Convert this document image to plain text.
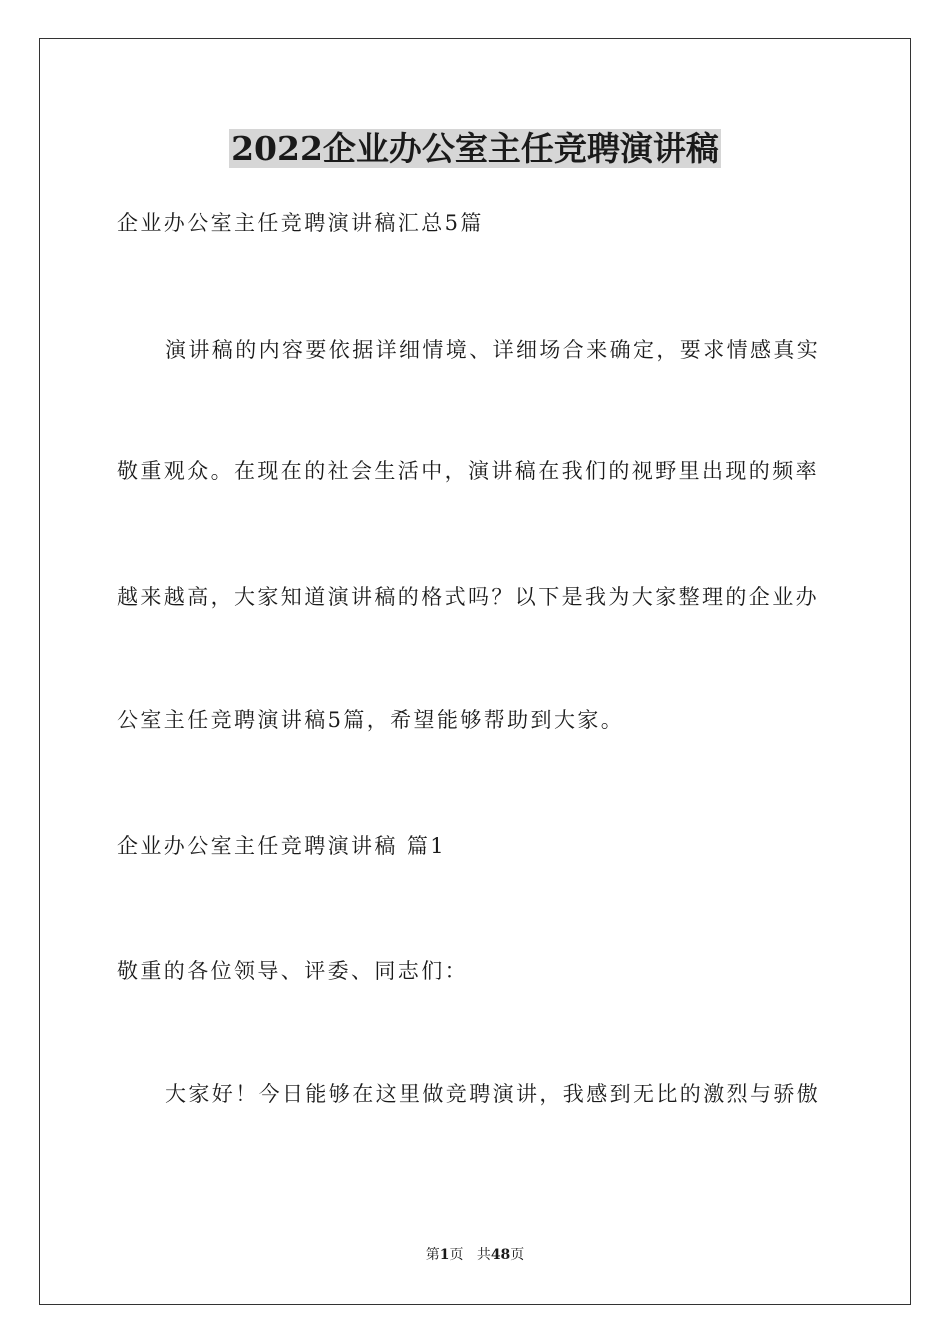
2022企业办公室主任竞聘演讲稿
企业办公室主任竞聘演讲稿汇总5篇
演讲稿的内容要依据详细情境、详细场合来确定，要求情感真实
敬重观众。在现在的社会生活中，演讲稿在我们的视野里出现的频率
越来越高，大家知道演讲稿的格式吗？以下是我为大家整理的企业办
公室主任竞聘演讲稿5篇，希望能够帮助到大家。
企业办公室主任竞聘演讲稿 篇1
敬重的各位领导、评委、同志们：
大家好！今日能够在这里做竞聘演讲，我感到无比的激烈与骄傲
第1页 共48页
